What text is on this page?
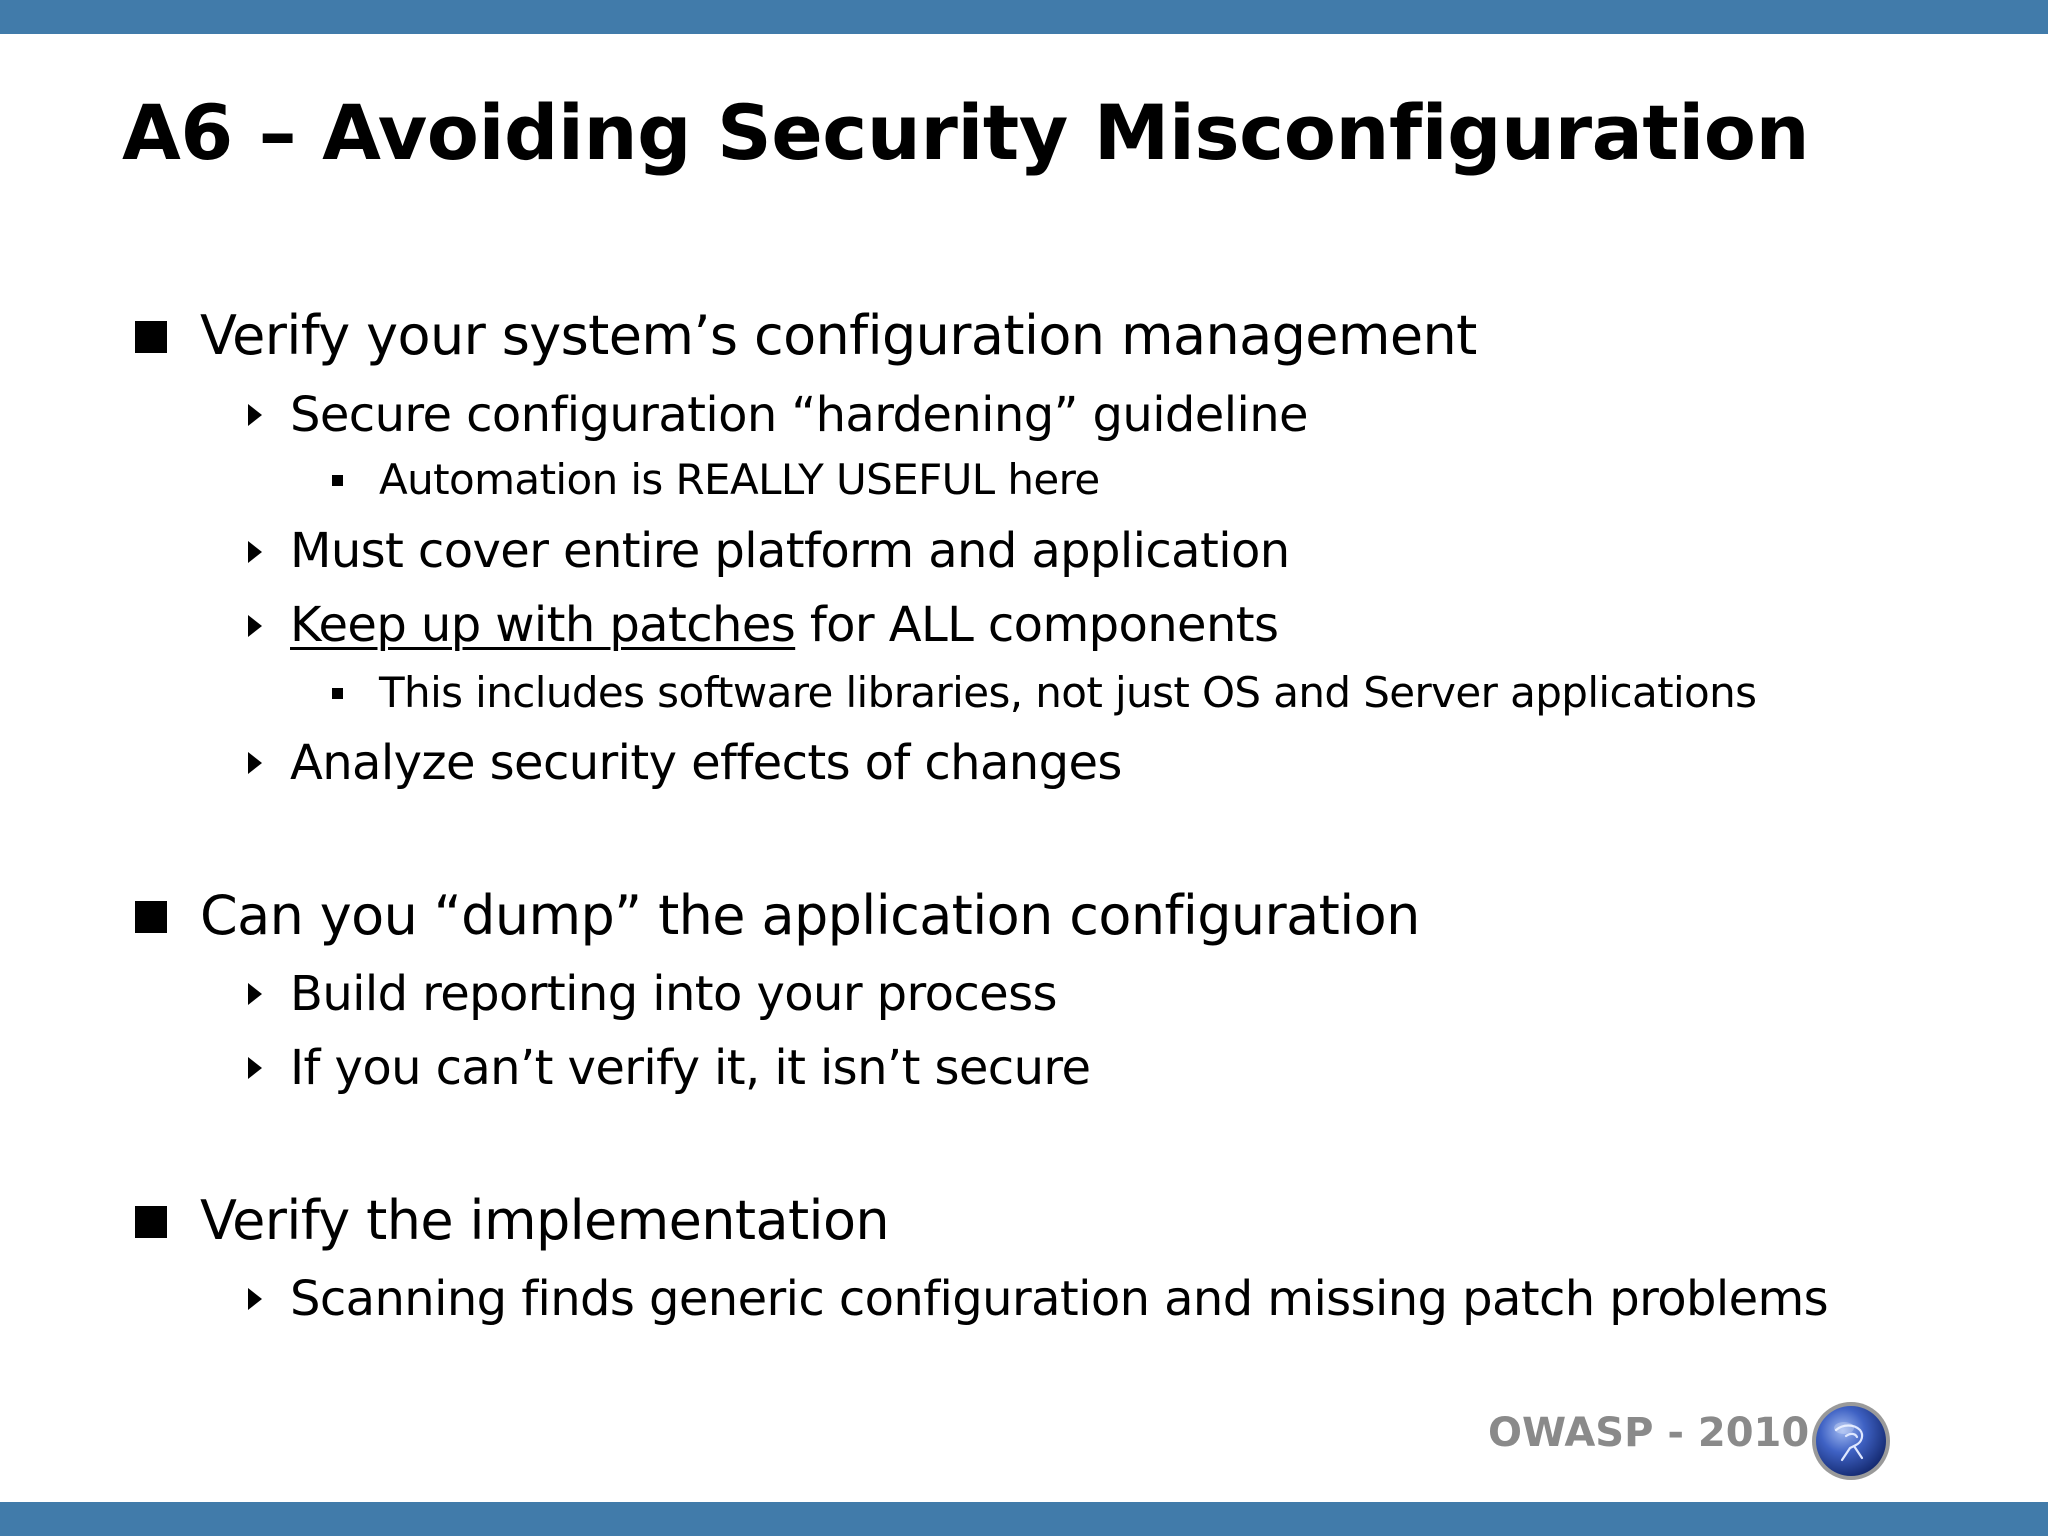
A6 – Avoiding Security Misconfiguration
Verify your system’s configuration management
Secure configuration “hardening” guideline
Automation is REALLY USEFUL here
Must cover entire platform and application
Keep up with patches for ALL components
This includes software libraries, not just OS and Server applications
Analyze security effects of changes
Can you “dump” the application configuration
Build reporting into your process
If you can’t verify it, it isn’t secure
Verify the implementation
Scanning finds generic configuration and missing patch problems
OWASP - 2010
